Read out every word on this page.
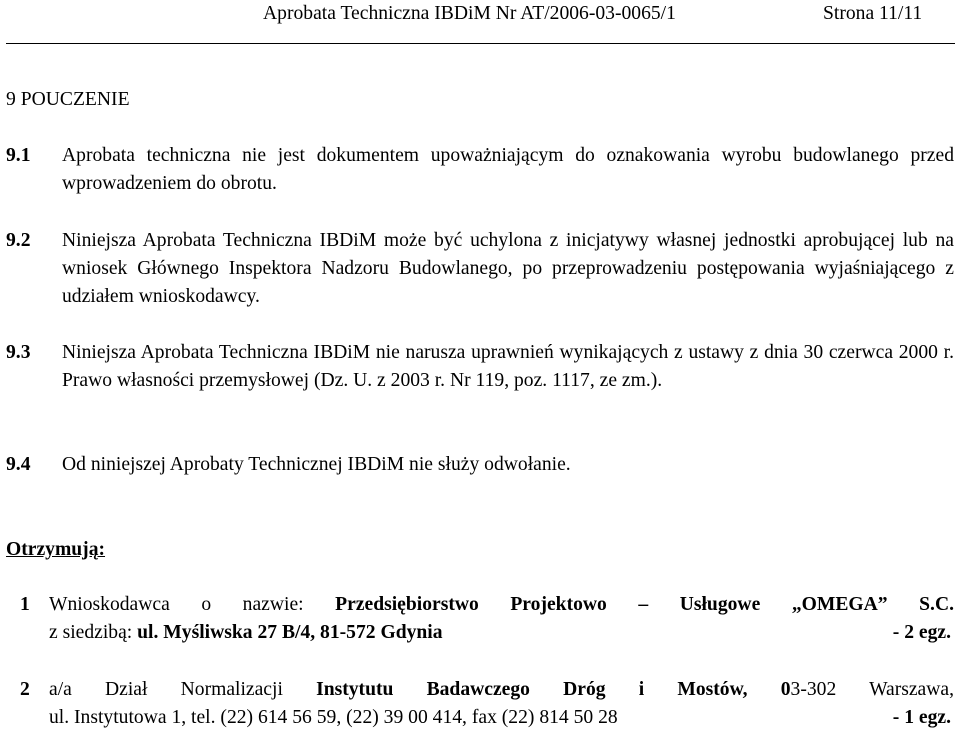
Aprobata Techniczna IBDiM Nr AT/2006-03-0065/1	Strona 11/11
9 POUCZENIE
9.1 Aprobata techniczna nie jest dokumentem upoważniającym do oznakowania wyrobu budowlanego przed wprowadzeniem do obrotu.
9.2 Niniejsza Aprobata Techniczna IBDiM może być uchylona z inicjatywy własnej jednostki aprobującej lub na wniosek Głównego Inspektora Nadzoru Budowlanego, po przeprowadzeniu postępowania wyjaśniającego z udziałem wnioskodawcy.
9.3 Niniejsza Aprobata Techniczna IBDiM nie narusza uprawnień wynikających z ustawy z dnia 30 czerwca 2000 r. Prawo własności przemysłowej (Dz. U. z 2003 r. Nr 119, poz. 1117, ze zm.).
9.4 Od niniejszej Aprobaty Technicznej IBDiM nie służy odwołanie.
Otrzymują:
1 Wnioskodawca o nazwie: Przedsiębiorstwo Projektowo – Usługowe „OMEGA” S.C.
z siedzibą: ul. Myśliwska 27 B/4, 81-572 Gdynia	- 2 egz.
2 a/a Dział Normalizacji Instytutu Badawczego Dróg i Mostów, 03-302 Warszawa,
ul. Instytutowa 1, tel. (22) 614 56 59, (22) 39 00 414, fax (22) 814 50 28	- 1 egz.
